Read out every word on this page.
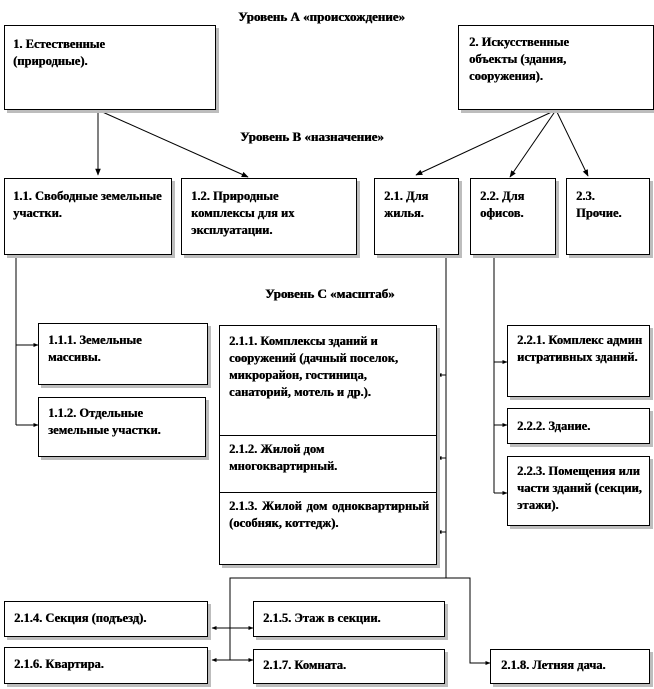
Уровень А «происхождение»
Уровень В «назначение»
Уровень С «масштаб»
1. Естественные (природные).
2. Искусственные объекты (здания, сооружения).
1.1. Свободные земельные участки.
1.2. Природные комплексы для их эксплуатации.
2.1. Для жилья.
2.2. Для офисов.
2.3. Прочие.
1.1.1. Земельные массивы.
1.1.2. Отдельные земельные участки.
2.1.1. Комплексы зданий и сооружений (дачный поселок, микрорайон, гостиница, санаторий, мотель и др.).
2.1.2. Жилой дом многоквартирный.
2.1.3. Жилой дом одноквартирный (особняк, коттедж).
2.2.1. Комплекс административных зданий.
2.2.2. Здание.
2.2.3. Помещения или части зданий (секции, этажи).
2.1.4. Секция (подъезд).	2.1.5. Этаж в секции.
2.1.6. Квартира.	2.1.7. Комната.	2.1.8. Летняя дача.
